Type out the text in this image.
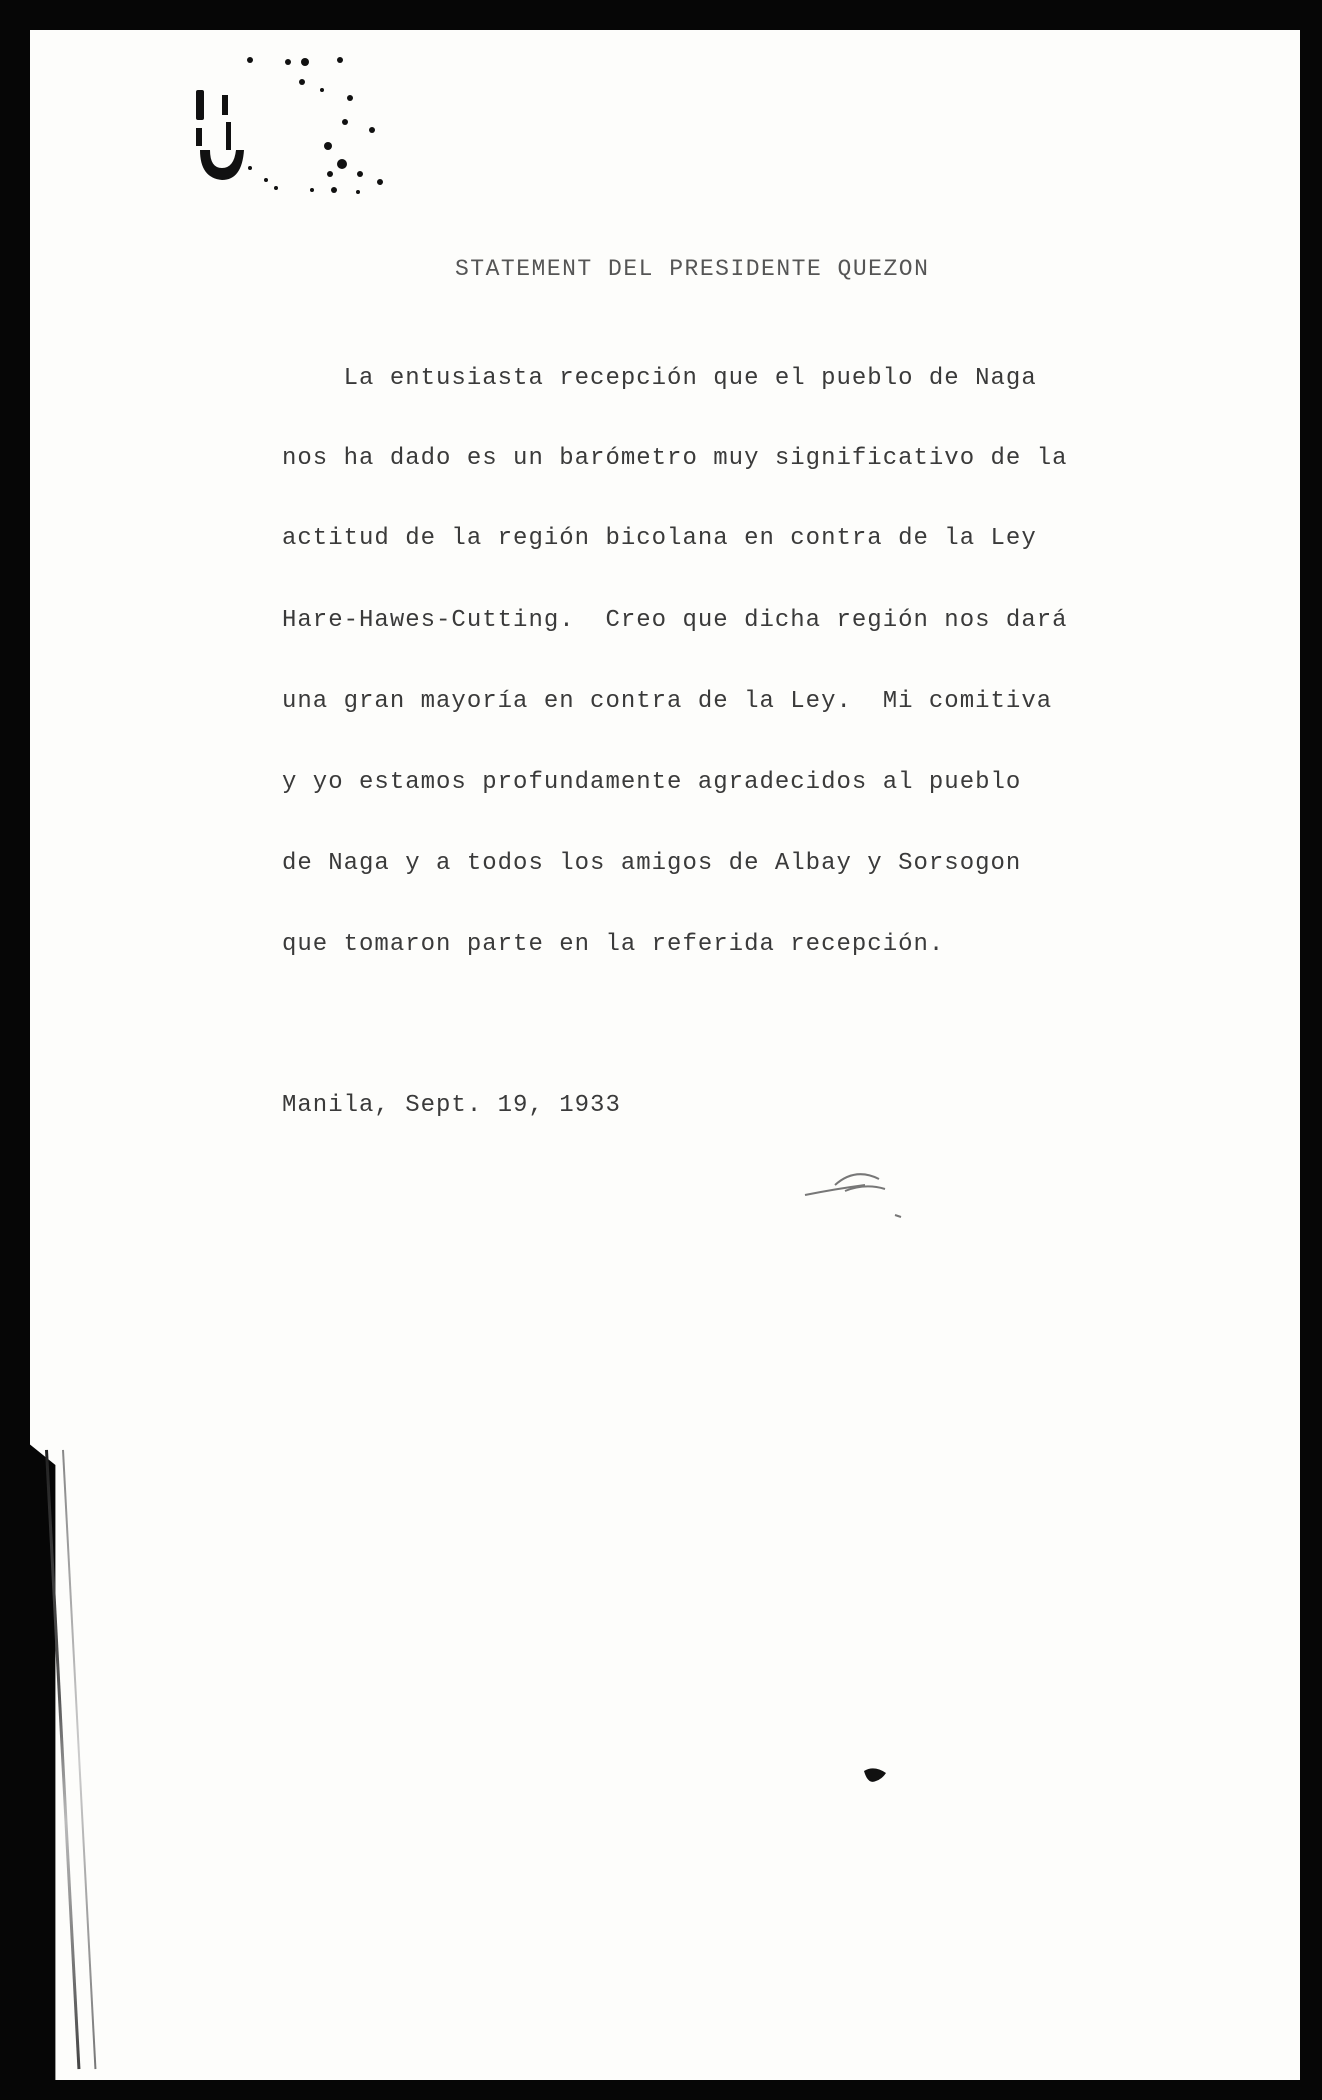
STATEMENT DEL PRESIDENTE QUEZON
La entusiasta recepción que el pueblo de Naga
nos ha dado es un barómetro muy significativo de la
actitud de la región bicolana en contra de la Ley
Hare-Hawes-Cutting.  Creo que dicha región nos dará
una gran mayoría en contra de la Ley.  Mi comitiva
y yo estamos profundamente agradecidos al pueblo
de Naga y a todos los amigos de Albay y Sorsogon
que tomaron parte en la referida recepción.
Manila, Sept. 19, 1933
